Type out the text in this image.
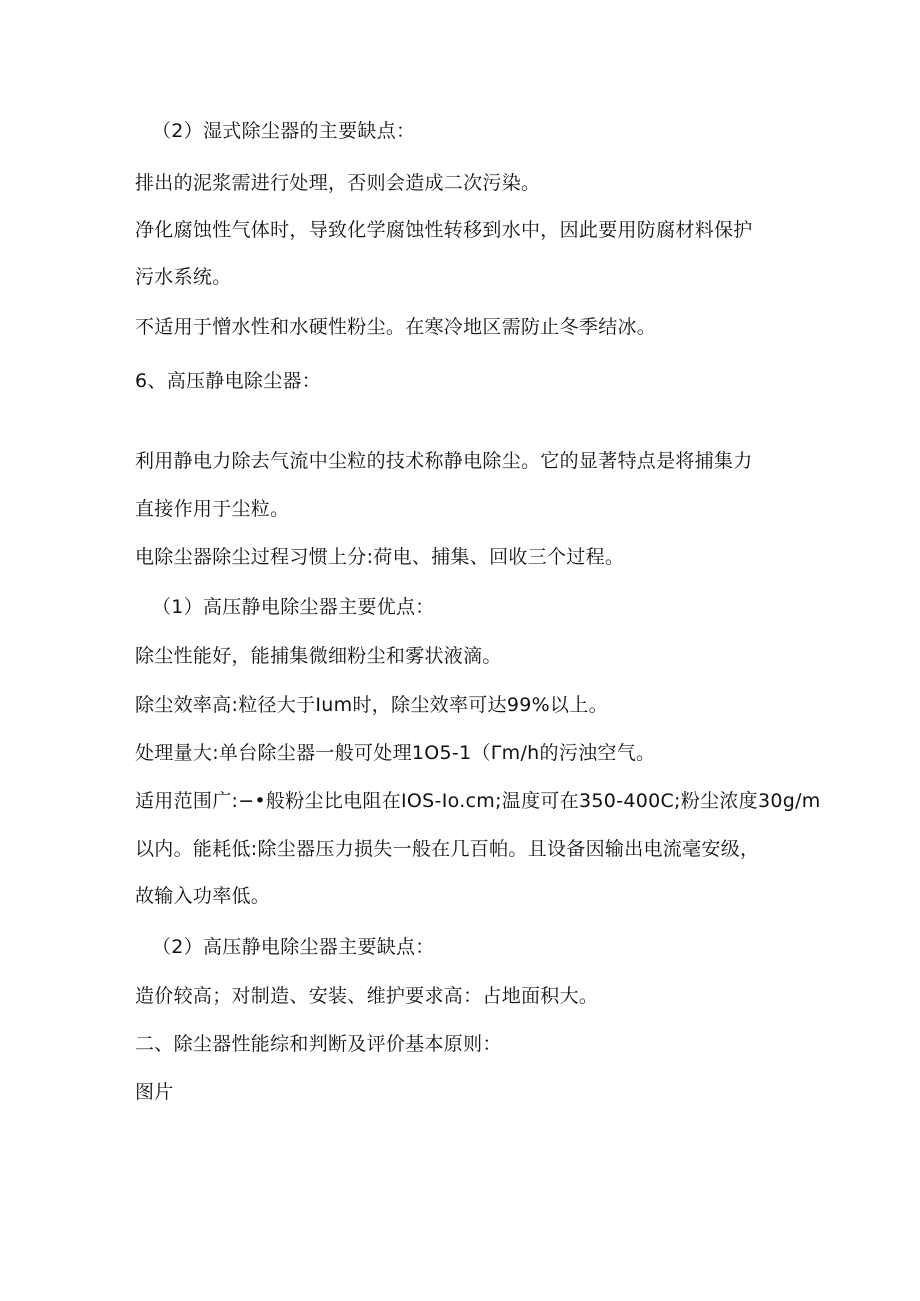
（2）湿式除尘器的主要缺点：
排出的泥浆需进行处理，否则会造成二次污染。
净化腐蚀性气体时，导致化学腐蚀性转移到水中，因此要用防腐材料保护
污水系统。
不适用于憎水性和水硬性粉尘。在寒冷地区需防止冬季结冰。
6、高压静电除尘器：
利用静电力除去气流中尘粒的技术称静电除尘。它的显著特点是将捕集力
直接作用于尘粒。
电除尘器除尘过程习惯上分:荷电、捕集、回收三个过程。
（1）高压静电除尘器主要优点：
除尘性能好，能捕集微细粉尘和雾状液滴。
除尘效率高:粒径大于Ium时，除尘效率可达99%以上。
处理量大:单台除尘器一般可处理1O5-1（Γm/h的污浊空气。
适用范围广:−•般粉尘比电阻在IOS-Io.cm;温度可在350-400C;粉尘浓度30g∕m
以内。能耗低:除尘器压力损失一般在几百帕。且设备因输出电流毫安级，
故输入功率低。
（2）高压静电除尘器主要缺点：
造价较高；对制造、安装、维护要求高：占地面积大。
二、除尘器性能综和判断及评价基本原则：
图片
